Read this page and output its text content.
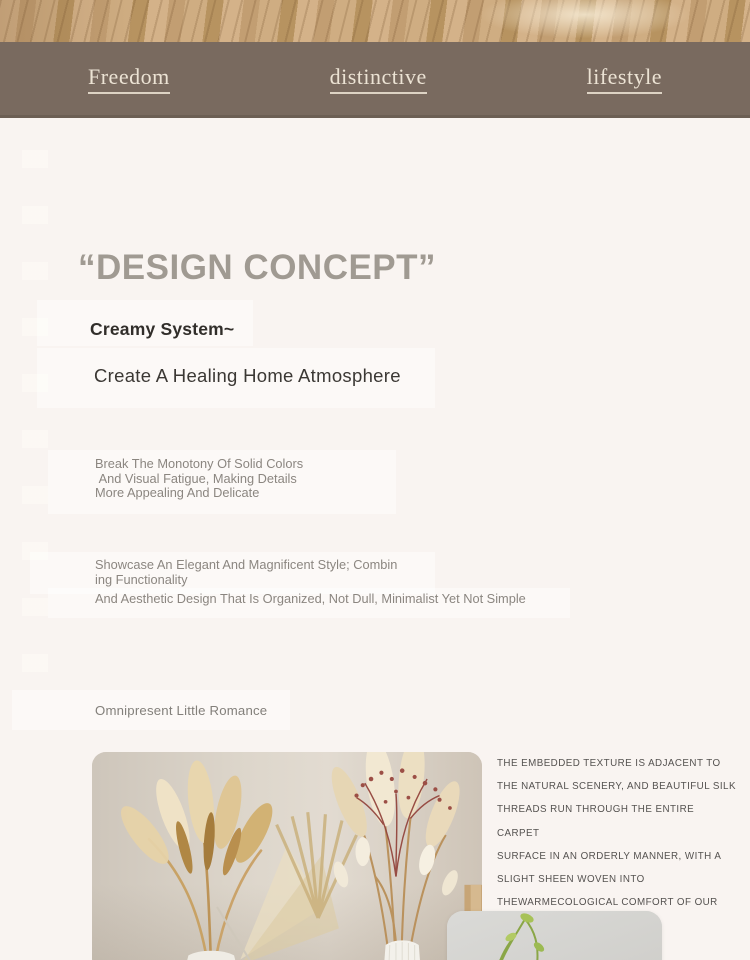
Freedom	distinctive	lifestyle
“DESIGN CONCEPT”
Creamy System~
Create A Healing Home Atmosphere
Break The Monotony Of Solid Colors
And Visual Fatigue, Making Details
More Appealing And Delicate
Showcase An Elegant And Magnificent Style; Combin
ing Functionality
And Aesthetic Design That Is Organized, Not Dull, Minimalist Yet Not Simple
Omnipresent Little Romance
THE EMBEDDED TEXTURE IS ADJACENT TO
THE NATURAL SCENERY, AND BEAUTIFUL SILK
THREADS RUN THROUGH THE ENTIRE CARPET
SURFACE IN AN ORDERLY MANNER, WITH A
SLIGHT SHEEN WOVEN INTO
THEWARMECOLOGICAL COMFORT OF OUR
